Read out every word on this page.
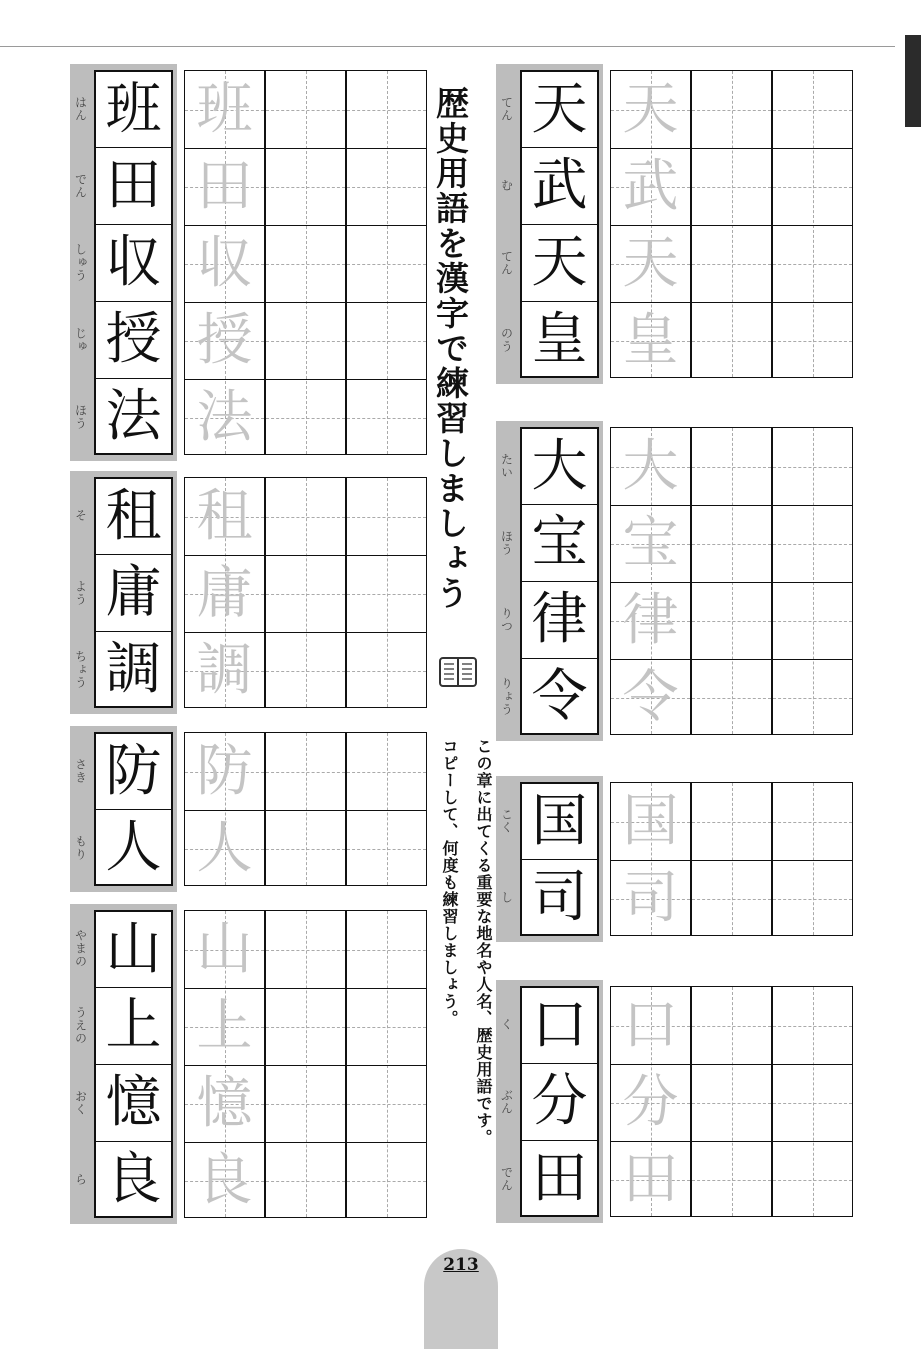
はん
でん
しゅう
じゅ
ほう
班
田
収
授
法
班
田
収
授
法
そ
よう
ちょう
租
庸
調
租
庸
調
さき
もり
防
人
防
人
やまの
うえの
おく
ら
山
上
憶
良
山
上
憶
良
てん
む
てん
のう
天
武
天
皇
天
武
天
皇
たい
ほう
りつ
りょう
大
宝
律
令
大
宝
律
令
こく
し
国
司
国
司
く
ぶん
でん
口
分
田
口
分
田
歴史用語を漢字で練習しましょう
この章に出てくる重要な地名や人名、歴史用語です。
コピーして、何度も練習しましょう。
213
